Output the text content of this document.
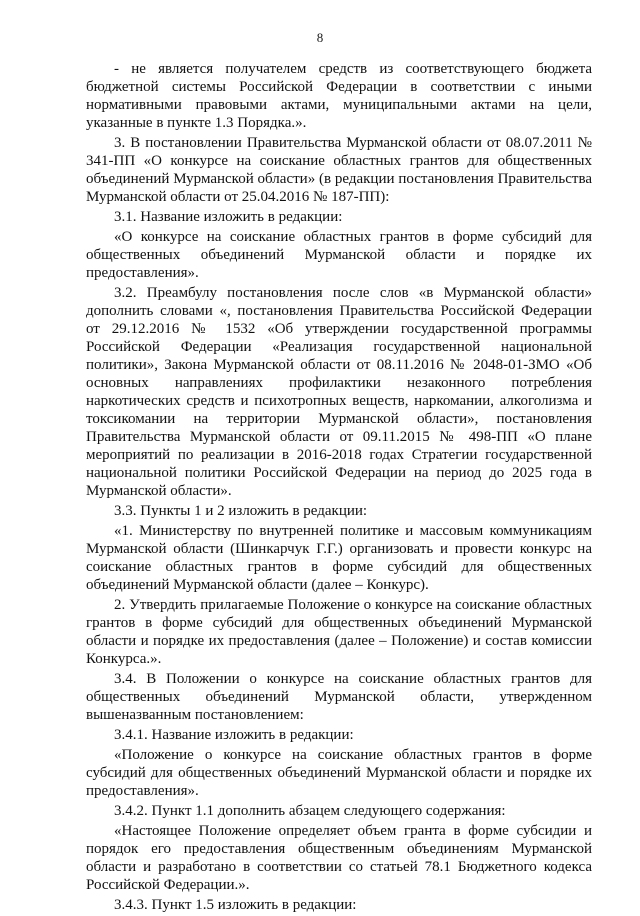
8

- не является получателем средств из соответствующего бюджета бюджетной системы Российской Федерации в соответствии с иными нормативными правовыми актами, муниципальными актами на цели, указанные в пункте 1.3 Порядка.».

3. В постановлении Правительства Мурманской области от 08.07.2011 № 341-ПП «О конкурсе на соискание областных грантов для общественных объединений Мурманской области» (в редакции постановления Правительства Мурманской области от 25.04.2016 № 187-ПП):

3.1. Название изложить в редакции:

«О конкурсе на соискание областных грантов в форме субсидий для общественных объединений Мурманской области и порядке их предоставления».

3.2. Преамбулу постановления после слов «в Мурманской области» дополнить словами «, постановления Правительства Российской Федерации от 29.12.2016 № 1532 «Об утверждении государственной программы Российской Федерации «Реализация государственной национальной политики», Закона Мурманской области от 08.11.2016 № 2048-01-ЗМО «Об основных направлениях профилактики незаконного потребления наркотических средств и психотропных веществ, наркомании, алкоголизма и токсикомании на территории Мурманской области», постановления Правительства Мурманской области от 09.11.2015 № 498-ПП «О плане мероприятий по реализации в 2016-2018 годах Стратегии государственной национальной политики Российской Федерации на период до 2025 года в Мурманской области».

3.3. Пункты 1 и 2 изложить в редакции:

«1. Министерству по внутренней политике и массовым коммуникациям Мурманской области (Шинкарчук Г.Г.) организовать и провести конкурс на соискание областных грантов в форме субсидий для общественных объединений Мурманской области (далее – Конкурс).

2. Утвердить прилагаемые Положение о конкурсе на соискание областных грантов в форме субсидий для общественных объединений Мурманской области и порядке их предоставления (далее – Положение) и состав комиссии Конкурса.».

3.4. В Положении о конкурсе на соискание областных грантов для общественных объединений Мурманской области, утвержденном вышеназванным постановлением:

3.4.1. Название изложить в редакции:

«Положение о конкурсе на соискание областных грантов в форме субсидий для общественных объединений Мурманской области и порядке их предоставления».

3.4.2. Пункт 1.1 дополнить абзацем следующего содержания:

«Настоящее Положение определяет объем гранта в форме субсидии и порядок его предоставления общественным объединениям Мурманской области и разработано в соответствии со статьей 78.1 Бюджетного кодекса Российской Федерации.».

3.4.3. Пункт 1.5 изложить в редакции:
